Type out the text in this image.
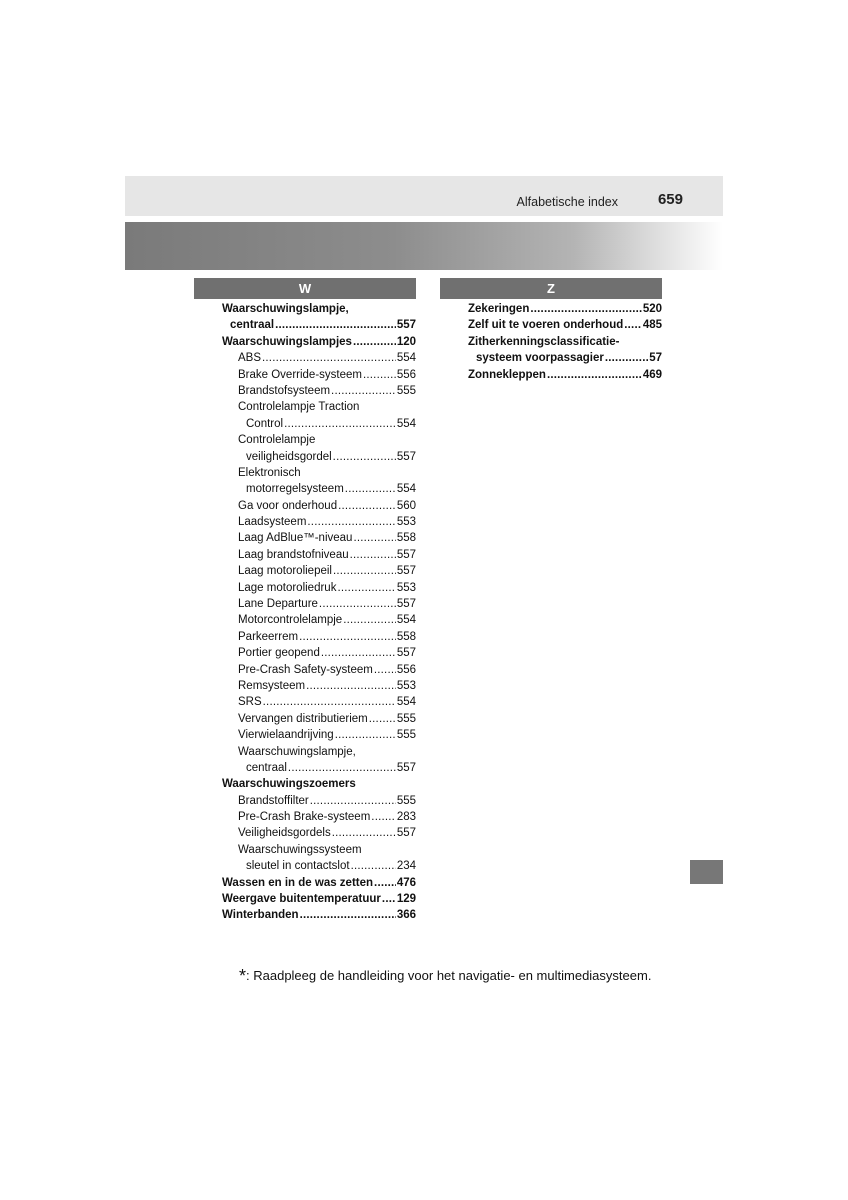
Alfabetische index	659
W
Waarschuwingslampje,
centraal .....	557
Waarschuwingslampjes .....	120
ABS .....	554
Brake Override-systeem .....	556
Brandstofsysteem .....	555
Controlelampje Traction
Control .....	554
Controlelampje
veiligheidsgordel .....	557
Elektronisch
motorregelsysteem .....	554
Ga voor onderhoud .....	560
Laadsysteem .....	553
Laag AdBlue™-niveau .....	558
Laag brandstofniveau .....	557
Laag motoroliepeil .....	557
Lage motoroliedruk .....	553
Lane Departure .....	557
Motorcontrolelampje .....	554
Parkeerrem .....	558
Portier geopend .....	557
Pre-Crash Safety-systeem ..... 556
Remsysteem .....	553
SRS .....	554
Vervangen distributieriem .....	555
Vierwielaandrijving .....	555
Waarschuwingslampje,
centraal .....	557
Waarschuwingszoemers
Brandstoffilter .....	555
Pre-Crash Brake-systeem ..... 283
Veiligheidsgordels .....	557
Waarschuwingssysteem
sleutel in contactslot .....	234
Wassen en in de was zetten ..... 476
Weergave buitentemperatuur ..... 129
Winterbanden .....	366
Z
Zekeringen .....	520
Zelf uit te voeren onderhoud ..... 485
Zitherkenningsclassificatie-
systeem voorpassagier .....	57
Zonnekleppen .....	469
*: Raadpleeg de handleiding voor het navigatie- en multimediasysteem.
